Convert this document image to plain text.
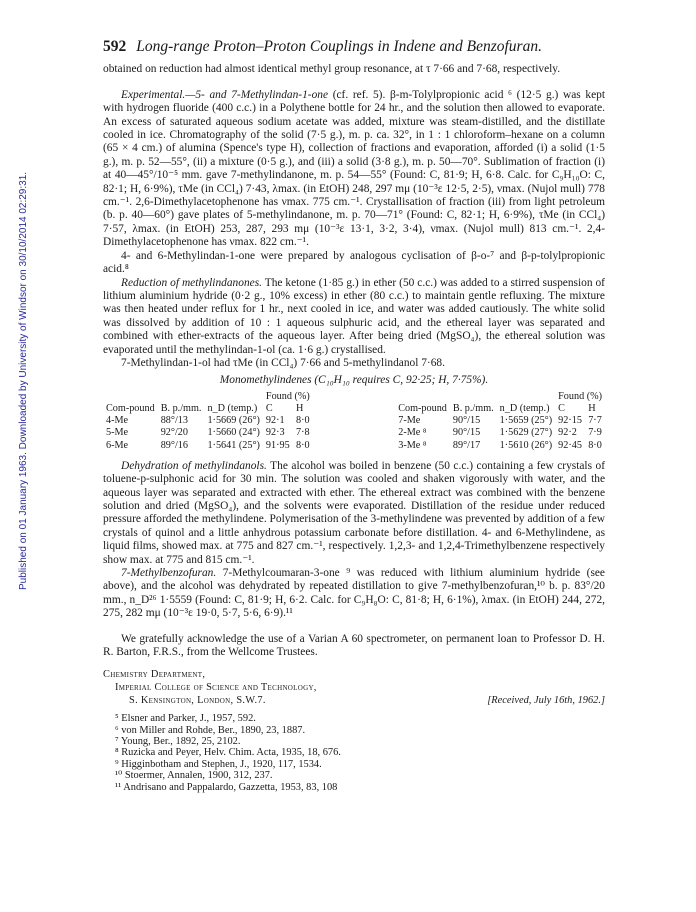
Published on 01 January 1963. Downloaded by University of Windsor on 30/10/2014 02:29:31.
592 Long-range Proton–Proton Couplings in Indene and Benzofuran.

obtained on reduction had almost identical methyl group resonance, at τ 7·66 and 7·68, respectively.

Experimental.—5- and 7-Methylindan-1-one (cf. ref. 5). β-m-Tolylpropionic acid ⁶ (12·5 g.) was kept with hydrogen fluoride (400 c.c.) in a Polythene bottle for 24 hr., and the solution then allowed to evaporate. An excess of saturated aqueous sodium acetate was added, mixture was steam-distilled, and the distillate cooled in ice. Chromatography of the solid (7·5 g.), m. p. ca. 32°, in 1 : 1 chloroform–hexane on a column (65 × 4 cm.) of alumina (Spence's type H), collection of fractions and evaporation, afforded (i) a solid (1·5 g.), m. p. 52—55°, (ii) a mixture (0·5 g.), and (iii) a solid (3·8 g.), m. p. 50—70°. Sublimation of fraction (i) at 40—45°/10⁻⁵ mm. gave 7-methylindanone, m. p. 54—55° (Found: C, 81·9; H, 6·8. Calc. for C₉H₁₀O: C, 82·1; H, 6·9%), τMe (in CCl₄) 7·43, λmax. (in EtOH) 248, 297 mμ (10⁻³ε 12·5, 2·5), νmax. (Nujol mull) 778 cm.⁻¹. 2,6-Dimethylacetophenone has νmax. 775 cm.⁻¹. Crystallisation of fraction (iii) from light petroleum (b. p. 40—60°) gave plates of 5-methylindanone, m. p. 70—71° (Found: C, 82·1; H, 6·9%), τMe (in CCl₄) 7·57, λmax. (in EtOH) 253, 287, 293 mμ (10⁻³ε 13·1, 3·2, 3·4), νmax. (Nujol mull) 813 cm.⁻¹. 2,4-Dimethylacetophenone has νmax. 822 cm.⁻¹.

4- and 6-Methylindan-1-one were prepared by analogous cyclisation of β-o-⁷ and β-p-tolylpropionic acid.⁸

Reduction of methylindanones. The ketone (1·85 g.) in ether (50 c.c.) was added to a stirred suspension of lithium aluminium hydride (0·2 g., 10% excess) in ether (80 c.c.) to maintain gentle refluxing. The mixture was then heated under reflux for 1 hr., next cooled in ice, and water was added cautiously. The white solid was dissolved by addition of 10 : 1 aqueous sulphuric acid, and the ethereal layer was separated and combined with ether-extracts of the aqueous layer. After being dried (MgSO₄), the ethereal solution was evaporated until the methylindan-1-ol (ca. 1·6 g.) crystallised.

7-Methylindan-1-ol had τMe (in CCl₄) 7·66 and 5-methylindanol 7·68.

Monomethylindenes (C₁₀H₁₀ requires C, 92·25; H, 7·75%).
			Found (%)	
Com-pound	B. p./mm.	n_D (temp.)	C	H
4-Me	88°/13	1·5669 (26°)	92·1	8·0
5-Me	92°/20	1·5660 (24°)	92·3	7·8
6-Me	89°/16	1·5641 (25°)	91·95	8·0
			Found (%)	
Com-pound	B. p./mm.	n_D (temp.)	C	H
7-Me	90°/15	1·5659 (25°)	92·15	7·7
2-Me ⁸	90°/15	1·5629 (27°)	92·2	7·9
3-Me ⁸	89°/17	1·5610 (26°)	92·45	8·0

Dehydration of methylindanols. The alcohol was boiled in benzene (50 c.c.) containing a few crystals of toluene-p-sulphonic acid for 30 min. The solution was cooled and shaken vigorously with water, and the aqueous layer was separated and extracted with ether. The ethereal extract was combined with the benzene solution and dried (MgSO₄), and the solvents were evaporated. Distillation of the residue under reduced pressure afforded the methylindene. Polymerisation of the 3-methylindene was prevented by addition of a few crystals of quinol and a little anhydrous potassium carbonate before distillation. 4- and 6-Methylindene, as liquid films, showed max. at 775 and 827 cm.⁻¹, respectively. 1,2,3- and 1,2,4-Trimethylbenzene respectively show max. at 775 and 815 cm.⁻¹.

7-Methylbenzofuran. 7-Methylcoumaran-3-one ⁹ was reduced with lithium aluminium hydride (see above), and the alcohol was dehydrated by repeated distillation to give 7-methylbenzofuran,¹⁰ b. p. 83°/20 mm., n_D²⁶ 1·5559 (Found: C, 81·9; H, 6·2. Calc. for C₉H₈O: C, 81·8; H, 6·1%), λmax. (in EtOH) 244, 272, 275, 282 mμ (10⁻³ε 19·0, 5·7, 5·6, 6·9).¹¹

We gratefully acknowledge the use of a Varian A 60 spectrometer, on permanent loan to Professor D. H. R. Barton, F.R.S., from the Wellcome Trustees.

Chemistry Department,
Imperial College of Science and Technology,
[Received, July 16th, 1962.]
S. Kensington, London, S.W.7.
⁵ Elsner and Parker, J., 1957, 592.
⁶ von Miller and Rohde, Ber., 1890, 23, 1887.
⁷ Young, Ber., 1892, 25, 2102.
⁸ Ruzicka and Peyer, Helv. Chim. Acta, 1935, 18, 676.
⁹ Higginbotham and Stephen, J., 1920, 117, 1534.
¹⁰ Stoermer, Annalen, 1900, 312, 237.
¹¹ Andrisano and Pappalardo, Gazzetta, 1953, 83, 108
